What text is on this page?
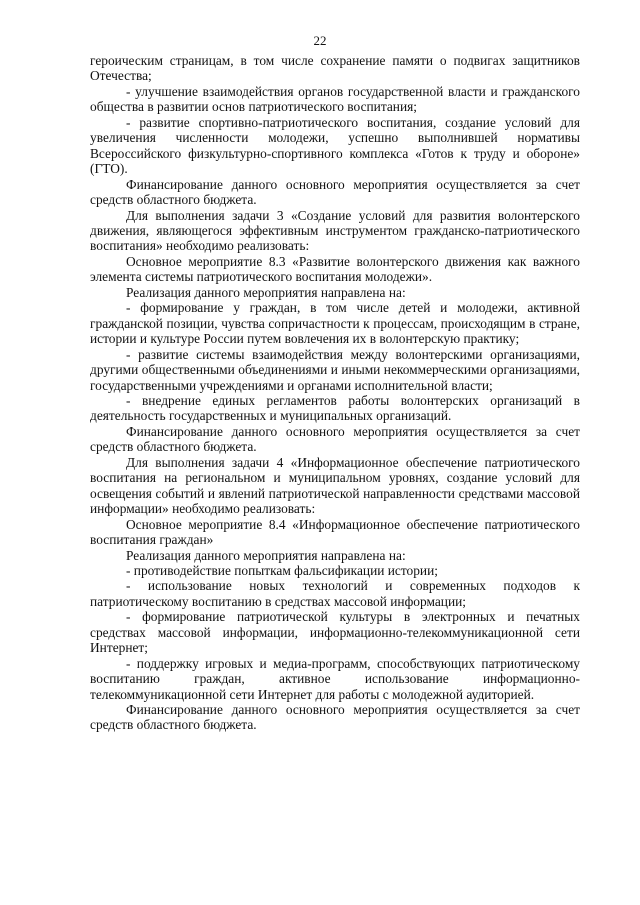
22

героическим страницам, в том числе сохранение памяти о подвигах защитников Отечества;

- улучшение взаимодействия органов государственной власти и гражданского общества в развитии основ патриотического воспитания;

- развитие спортивно-патриотического воспитания, создание условий для увеличения численности молодежи, успешно выполнившей нормативы Всероссийского физкультурно-спортивного комплекса «Готов к труду и обороне» (ГТО).

Финансирование данного основного мероприятия осуществляется за счет средств областного бюджета.

Для выполнения задачи 3 «Создание условий для развития волонтерского движения, являющегося эффективным инструментом гражданско-патриотического воспитания» необходимо реализовать:

Основное мероприятие 8.3 «Развитие волонтерского движения как важного элемента системы патриотического воспитания молодежи».

Реализация данного мероприятия направлена на:

- формирование у граждан, в том числе детей и молодежи, активной гражданской позиции, чувства сопричастности к процессам, происходящим в стране, истории и культуре России путем вовлечения их в волонтерскую практику;

- развитие системы взаимодействия между волонтерскими организациями, другими общественными объединениями и иными некоммерческими организациями, государственными учреждениями и органами исполнительной власти;

- внедрение единых регламентов работы волонтерских организаций в деятельность государственных и муниципальных организаций.

Финансирование данного основного мероприятия осуществляется за счет средств областного бюджета.

Для выполнения задачи 4 «Информационное обеспечение патриотического воспитания на региональном и муниципальном уровнях, создание условий для освещения событий и явлений патриотической направленности средствами массовой информации» необходимо реализовать:

Основное мероприятие 8.4 «Информационное обеспечение патриотического воспитания граждан»

Реализация данного мероприятия направлена на:

- противодействие попыткам фальсификации истории;

- использование новых технологий и современных подходов к патриотическому воспитанию в средствах массовой информации;

- формирование патриотической культуры в электронных и печатных средствах массовой информации, информационно-телекоммуникационной сети Интернет;

- поддержку игровых и медиа-программ, способствующих патриотическому воспитанию граждан, активное использование информационно-телекоммуникационной сети Интернет для работы с молодежной аудиторией.

Финансирование данного основного мероприятия осуществляется за счет средств областного бюджета.
